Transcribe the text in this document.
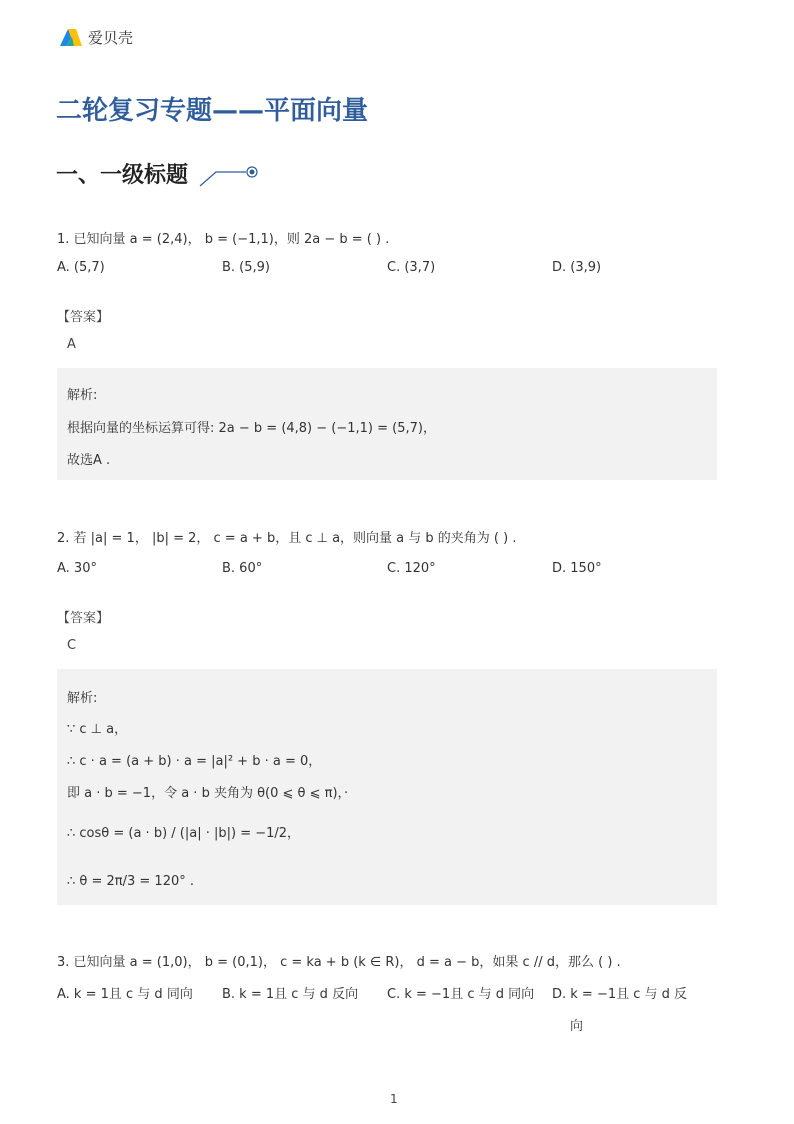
爱贝壳
二轮复习专题——平面向量
一、一级标题
1. 已知向量 a = (2,4)， b = (−1,1)，则 2a − b = ( ) .
A. (5,7)	B. (5,9)	C. (3,7)	D. (3,9)
【答案】
A
解析:
根据向量的坐标运算可得: 2a − b = (4,8) − (−1,1) = (5,7)，
故选A .
2. 若 |a| = 1， |b| = 2， c = a + b，且 c ⊥ a，则向量 a 与 b 的夹角为 ( ) .
A. 30°	B. 60°	C. 120°	D. 150°
【答案】
C
解析:
∵ c ⊥ a，
∴ c · a = (a + b) · a = |a|² + b · a = 0，
即 a · b = −1，令 a · b 夹角为 θ(0 ⩽ θ ⩽ π)，·
∴ cosθ = (a · b) / (|a| · |b|) = −1/2，
∴ θ = 2π/3 = 120° .
3. 已知向量 a = (1,0)， b = (0,1)， c = ka + b (k ∈ R)， d = a − b，如果 c // d，那么 ( ) .
A. k = 1且 c 与 d 同向 B. k = 1且 c 与 d 反向 C. k = −1且 c 与 d 同向 D. k = −1且 c 与 d 反
向
1
